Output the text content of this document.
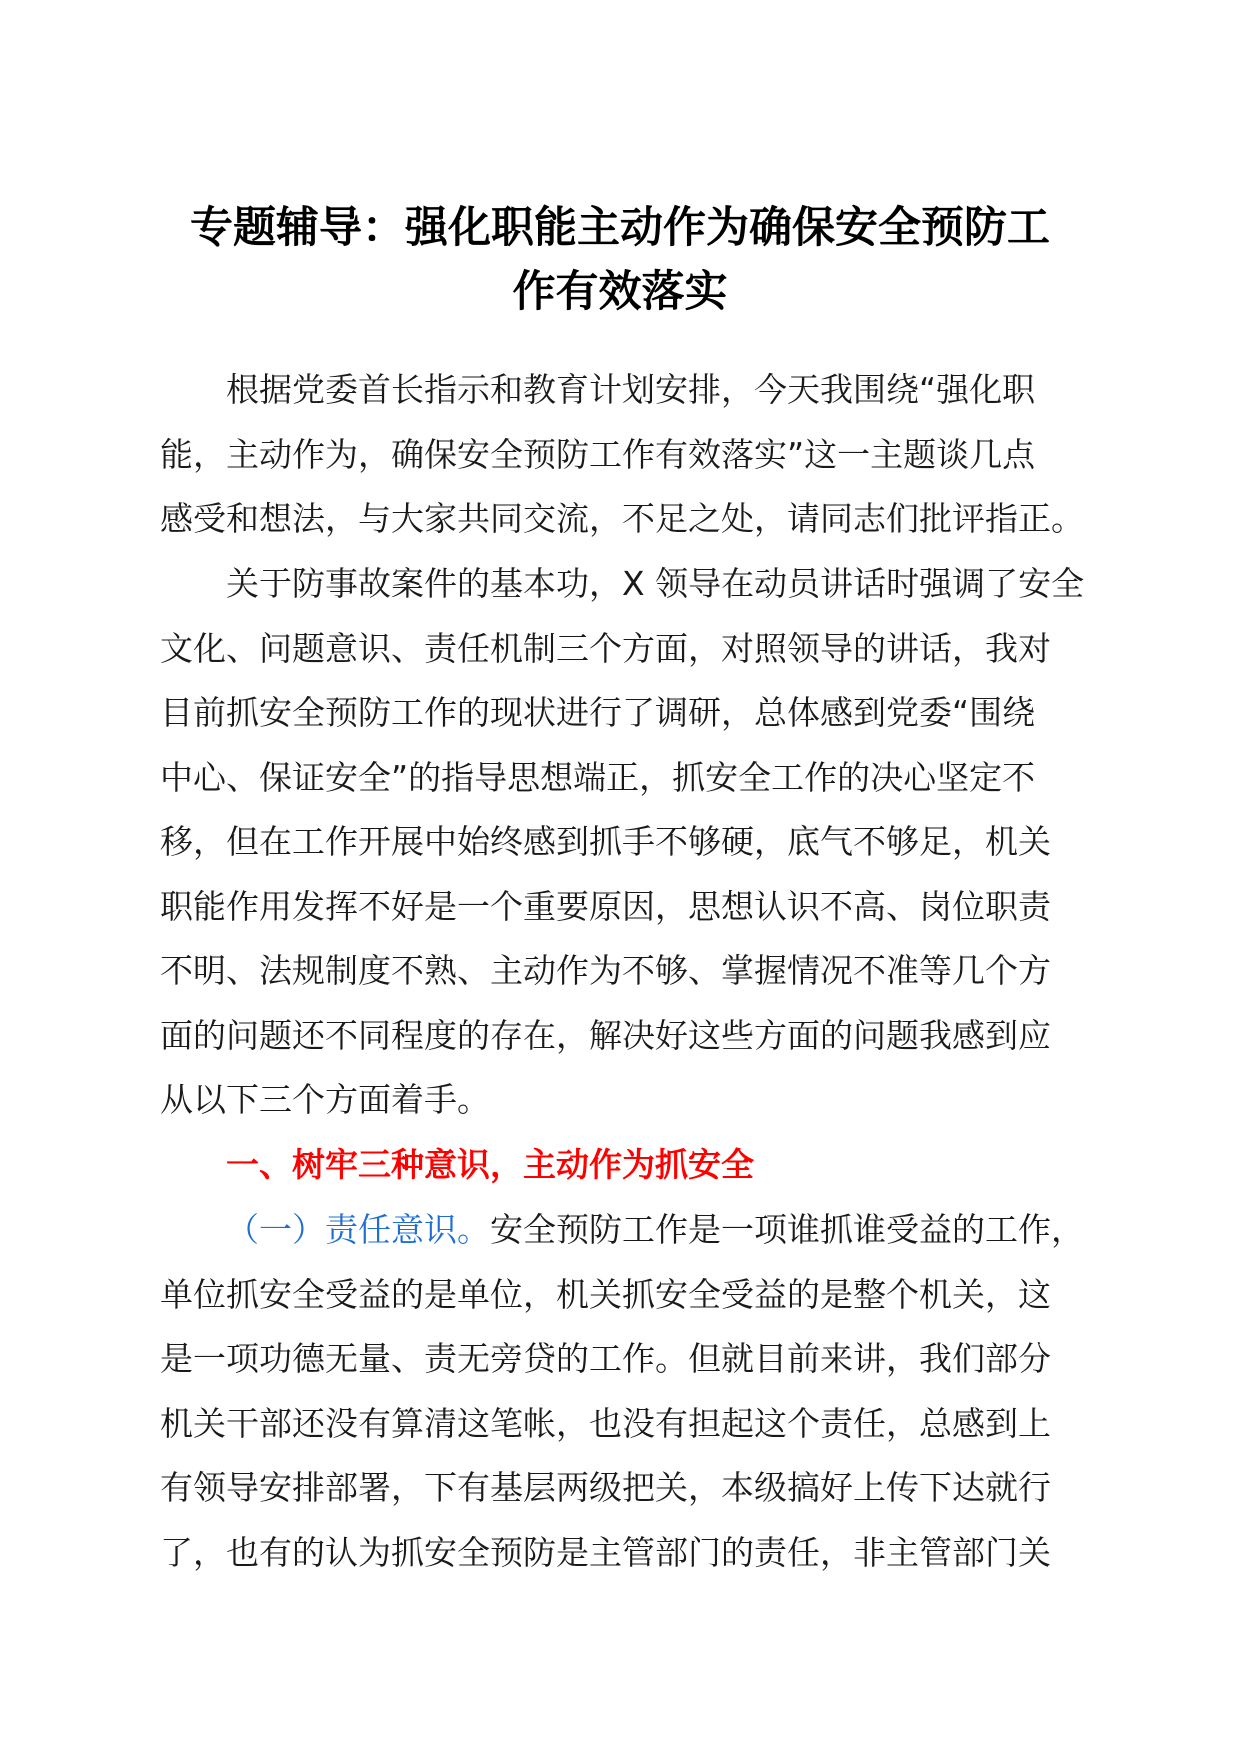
专题辅导：强化职能主动作为确保安全预防工
作有效落实

根据党委首长指示和教育计划安排，今天我围绕“强化职
能，主动作为，确保安全预防工作有效落实”这一主题谈几点
感受和想法，与大家共同交流，不足之处，请同志们批评指正。

关于防事故案件的基本功，X 领导在动员讲话时强调了安全
文化、问题意识、责任机制三个方面，对照领导的讲话，我对
目前抓安全预防工作的现状进行了调研，总体感到党委“围绕
中心、保证安全”的指导思想端正，抓安全工作的决心坚定不
移，但在工作开展中始终感到抓手不够硬，底气不够足，机关
职能作用发挥不好是一个重要原因，思想认识不高、岗位职责
不明、法规制度不熟、主动作为不够、掌握情况不准等几个方
面的问题还不同程度的存在，解决好这些方面的问题我感到应
从以下三个方面着手。

一、树牢三种意识，主动作为抓安全

（一）责任意识。安全预防工作是一项谁抓谁受益的工作，
单位抓安全受益的是单位，机关抓安全受益的是整个机关，这
是一项功德无量、责无旁贷的工作。但就目前来讲，我们部分
机关干部还没有算清这笔帐，也没有担起这个责任，总感到上
有领导安排部署，下有基层两级把关，本级搞好上传下达就行
了，也有的认为抓安全预防是主管部门的责任，非主管部门关
